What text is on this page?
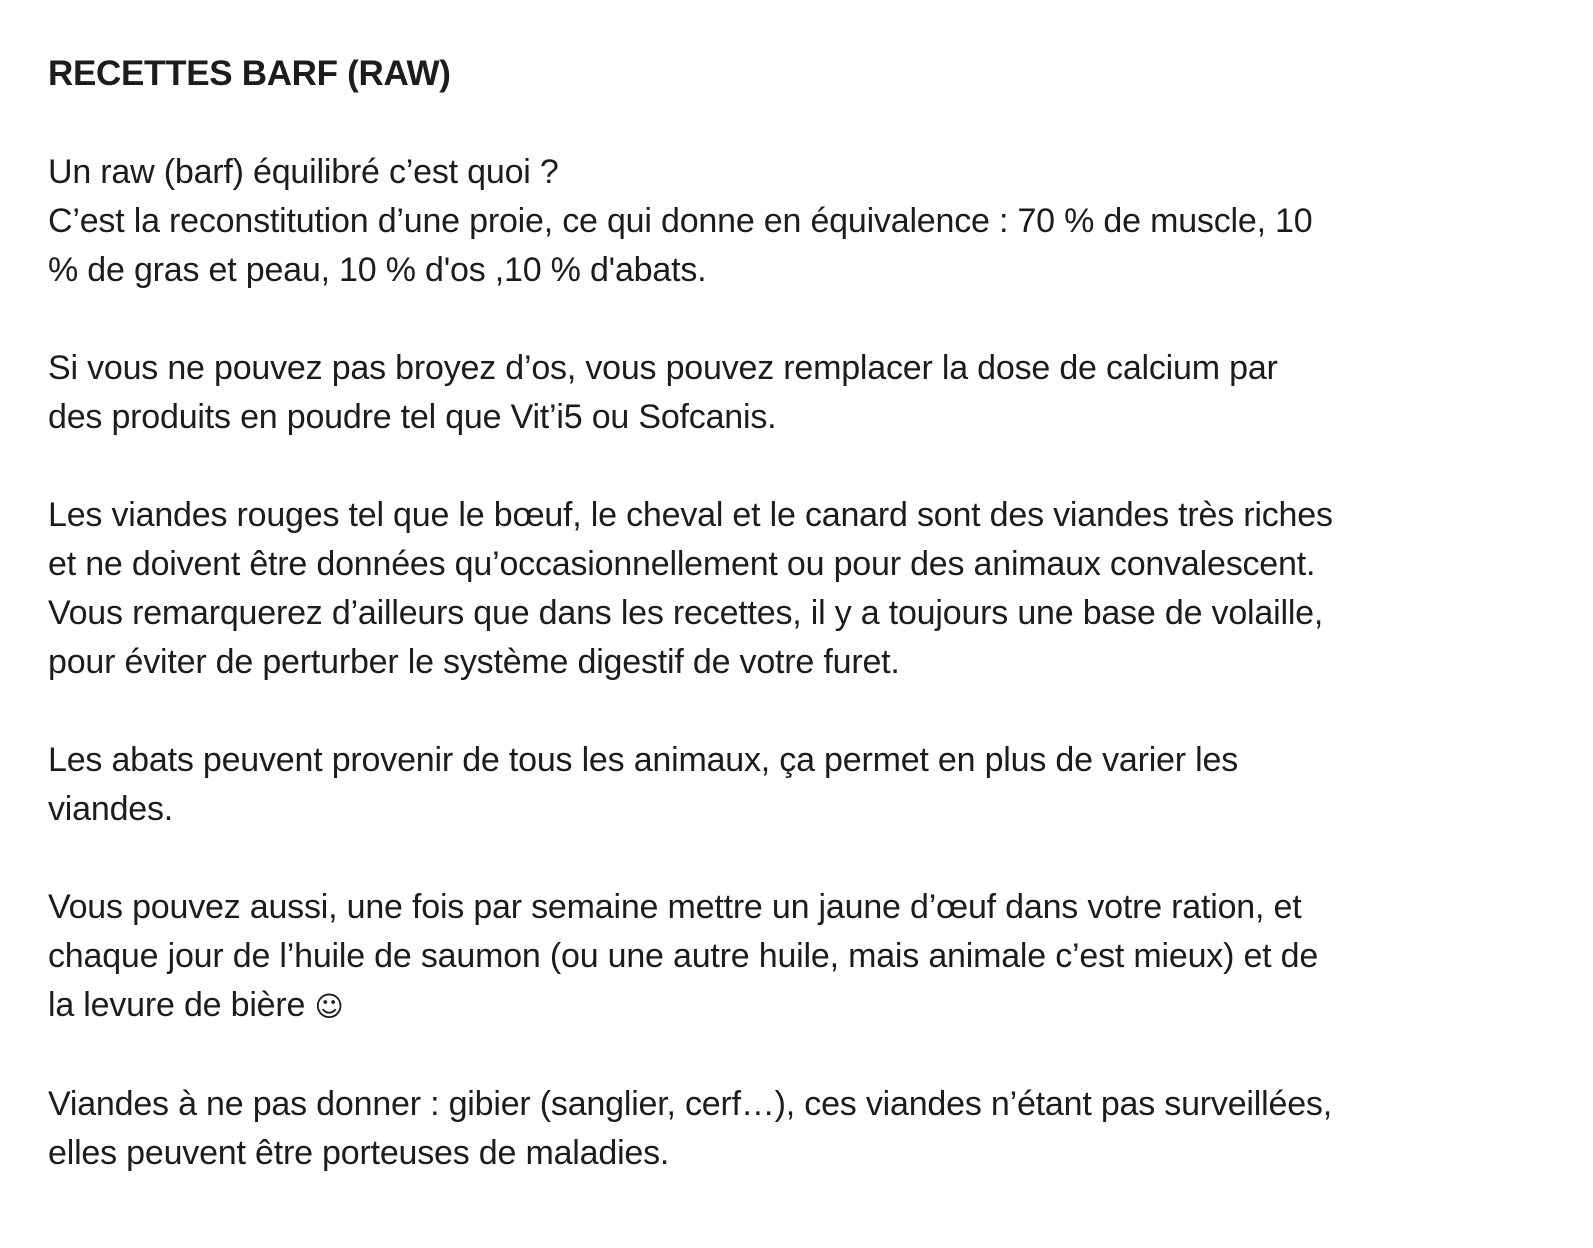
RECETTES BARF (RAW)
Un raw (barf) équilibré c’est quoi ?
C’est la reconstitution d’une proie, ce qui donne en équivalence : 70 % de muscle, 10
% de gras et peau, 10 % d'os ,10 % d'abats.
Si vous ne pouvez pas broyez d’os, vous pouvez remplacer la dose de calcium par
des produits en poudre tel que Vit’i5 ou Sofcanis.
Les viandes rouges tel que le bœuf, le cheval et le canard sont des viandes très riches
et ne doivent être données qu’occasionnellement ou pour des animaux convalescent.
Vous remarquerez d’ailleurs que dans les recettes, il y a toujours une base de volaille,
pour éviter de perturber le système digestif de votre furet.
Les abats peuvent provenir de tous les animaux, ça permet en plus de varier les
viandes.
Vous pouvez aussi, une fois par semaine mettre un jaune d’œuf dans votre ration, et
chaque jour de l’huile de saumon (ou une autre huile, mais animale c’est mieux) et de
la levure de bière ☺
Viandes à ne pas donner : gibier (sanglier, cerf…), ces viandes n’étant pas surveillées,
elles peuvent être porteuses de maladies.
